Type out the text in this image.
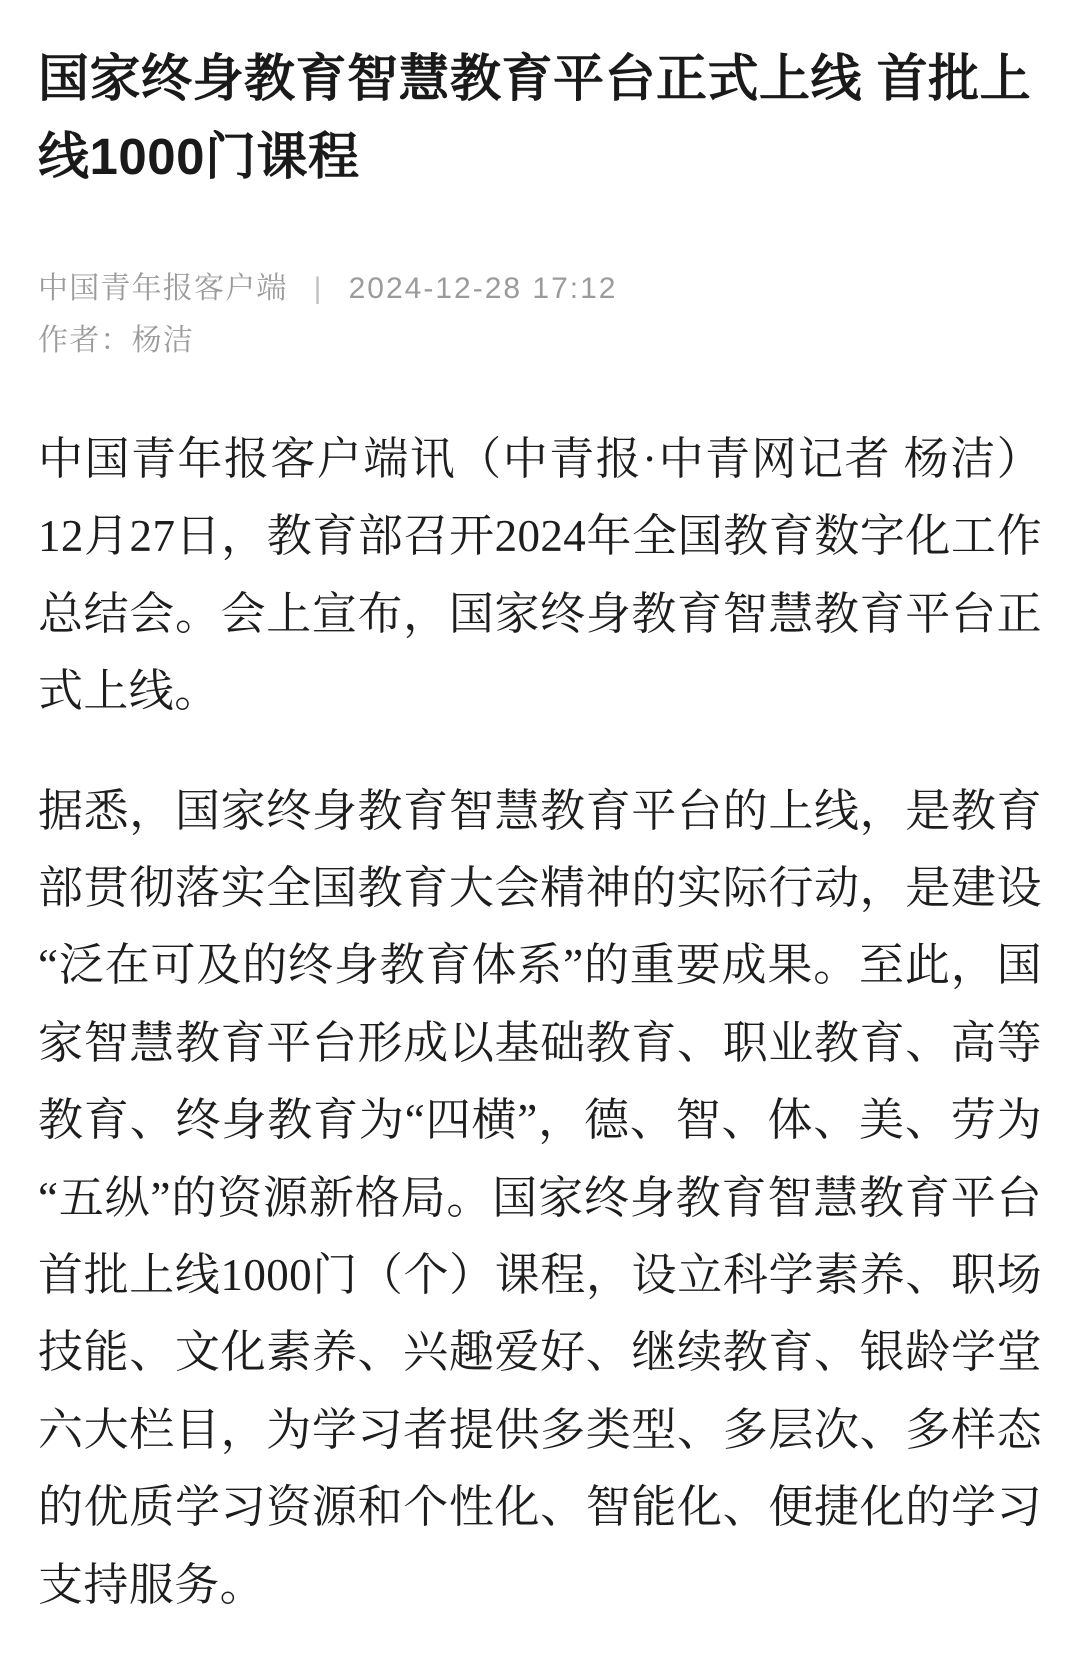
国家终身教育智慧教育平台正式上线 首批上线1000门课程
中国青年报客户端 | 2024-12-28 17:12
作者：杨洁

中国青年报客户端讯（中青报·中青网记者 杨洁）12月27日，教育部召开2024年全国教育数字化工作总结会。会上宣布，国家终身教育智慧教育平台正式上线。

据悉，国家终身教育智慧教育平台的上线，是教育部贯彻落实全国教育大会精神的实际行动，是建设“泛在可及的终身教育体系”的重要成果。至此，国家智慧教育平台形成以基础教育、职业教育、高等教育、终身教育为“四横”，德、智、体、美、劳为“五纵”的资源新格局。国家终身教育智慧教育平台首批上线1000门（个）课程，设立科学素养、职场技能、文化素养、兴趣爱好、继续教育、银龄学堂六大栏目，为学习者提供多类型、多层次、多样态的优质学习资源和个性化、智能化、便捷化的学习支持服务。
